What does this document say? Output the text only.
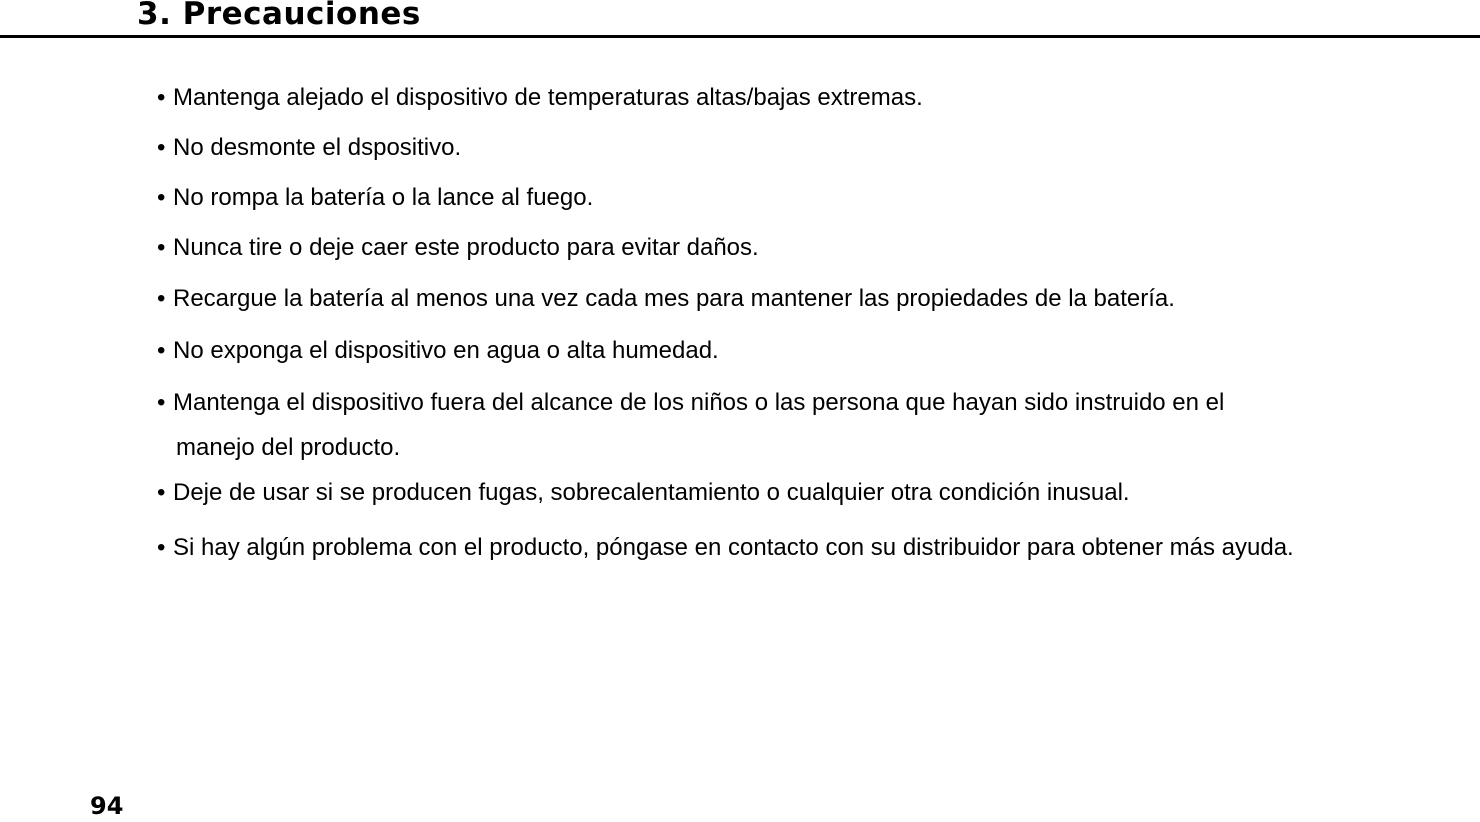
3. Precauciones
• Mantenga alejado el dispositivo de temperaturas altas/bajas extremas.
• No desmonte el dspositivo.
• No rompa la batería o la lance al fuego.
• Nunca tire o deje caer este producto para evitar daños.
• Recargue la batería al menos una vez cada mes para mantener las propiedades de la batería.
• No exponga el dispositivo en agua o alta humedad.
• Mantenga el dispositivo fuera del alcance de los niños o las persona que hayan sido instruido en el
manejo del producto.
• Deje de usar si se producen fugas, sobrecalentamiento o cualquier otra condición inusual.
• Si hay algún problema con el producto, póngase en contacto con su distribuidor para obtener más ayuda.
94
